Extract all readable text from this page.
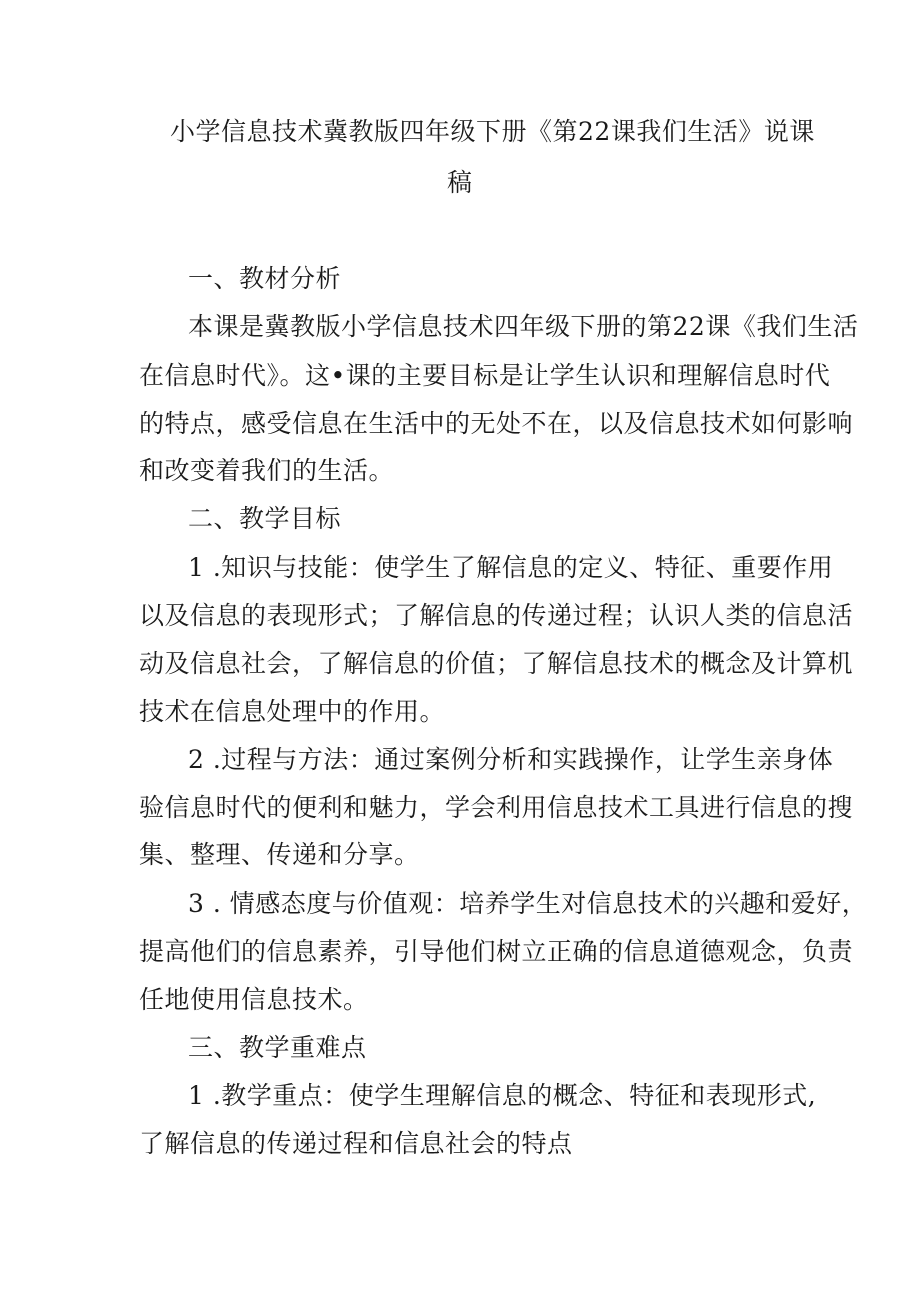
小学信息技术冀教版四年级下册《第22课我们生活》说课
稿
一、教材分析
本课是冀教版小学信息技术四年级下册的第22课《我们生活
在信息时代》。这•课的主要目标是让学生认识和理解信息时代
的特点，感受信息在生活中的无处不在，以及信息技术如何影响
和改变着我们的生活。
二、教学目标
1 .知识与技能：使学生了解信息的定义、特征、重要作用
以及信息的表现形式；了解信息的传递过程；认识人类的信息活
动及信息社会，了解信息的价值；了解信息技术的概念及计算机
技术在信息处理中的作用。
2 .过程与方法：通过案例分析和实践操作，让学生亲身体
验信息时代的便利和魅力，学会利用信息技术工具进行信息的搜
集、整理、传递和分享。
3 . 情感态度与价值观：培养学生对信息技术的兴趣和爱好，
提高他们的信息素养，引导他们树立正确的信息道德观念，负责
任地使用信息技术。
三、教学重难点
1 .教学重点：使学生理解信息的概念、特征和表现形式,
了解信息的传递过程和信息社会的特点
